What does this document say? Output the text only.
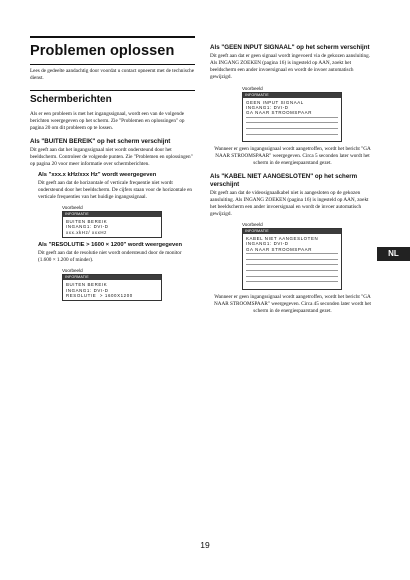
Problemen oplossen

Lees de gedeelte aandachtig door voordat u contact opneemt met de technische dienst.

Schermberichten

Als er een probleem is met het ingangssignaal, wordt een van de volgende berichten weergegeven op het scherm. Zie "Problemen en oplossingen" op pagina 20 om dit probleem op te lossen.

Als "BUITEN BEREIK" op het scherm verschijnt

Dit geeft aan dat het ingangssignaal niet wordt ondersteund door het beeldscherm. Controleer de volgende punten. Zie "Problemen en oplossingen" op pagina 20 voor meer informatie over schermberichten.

Als "xxx.x kHz/xxx Hz" wordt weergegeven

Dit geeft aan dat de horizontale of verticale frequentie niet wordt ondersteund door het beeldscherm. De cijfers staan voor de horizontale en verticale frequenties van het huidige ingangssignaal.

Voorbeeld
INFORMATIE
BUITEN BEREIK
INGANG1: DVI-D
xxx.xkHz/ xxxHz
Als "RESOLUTIE > 1600 × 1200" wordt weergegeven

Dit geeft aan dat de resolutie niet wordt ondersteund door de monitor (1.600 × 1.200 of minder).

Voorbeeld
INFORMATIE
BUITEN BEREIK
INGANG1: DVI-D
RESOLUTIE  > 1600X1200
Als "GEEN INPUT SIGNAAL" op het scherm verschijnt

Dit geeft aan dat er geen signaal wordt ingevoerd via de gekozen aansluiting. Als INGANG ZOEKEN (pagina 16) is ingesteld op AAN, zoekt het beeldscherm een ander invoersignaal en wordt de invoer automatisch gewijzigd.

Voorbeeld
INFORMATIE
GEEN INPUT SIGNAAL
INGANG1: DVI-D
GA NAAR STROOMSPAAR

Wanneer er geen ingangssignaal wordt aangetroffen, wordt het bericht "GA NAAR STROOMSPAAR" weergegeven. Circa 5 seconden later wordt het scherm in de energiespaarstand gezet.

Als "KABEL NIET AANGESLOTEN" op het scherm verschijnt

Dit geeft aan dat de videosignaalkabel niet is aangesloten op de gekozen aansluiting. Als INGANG ZOEKEN (pagina 16) is ingesteld op AAN, zoekt het beeldscherm een ander invoersignaal en wordt de invoer automatisch gewijzigd.

Voorbeeld
INFORMATIE
KABEL NIET AANGESLOTEN
INGANG1: DVI-D
GA NAAR STROOMSPAAR

Wanneer er geen ingangssignaal wordt aangetroffen, wordt het bericht "GA NAAR STROOMSPAAR" weergegeven. Circa 45 seconden later wordt het scherm in de energiespaarstand gezet.

NL
19
